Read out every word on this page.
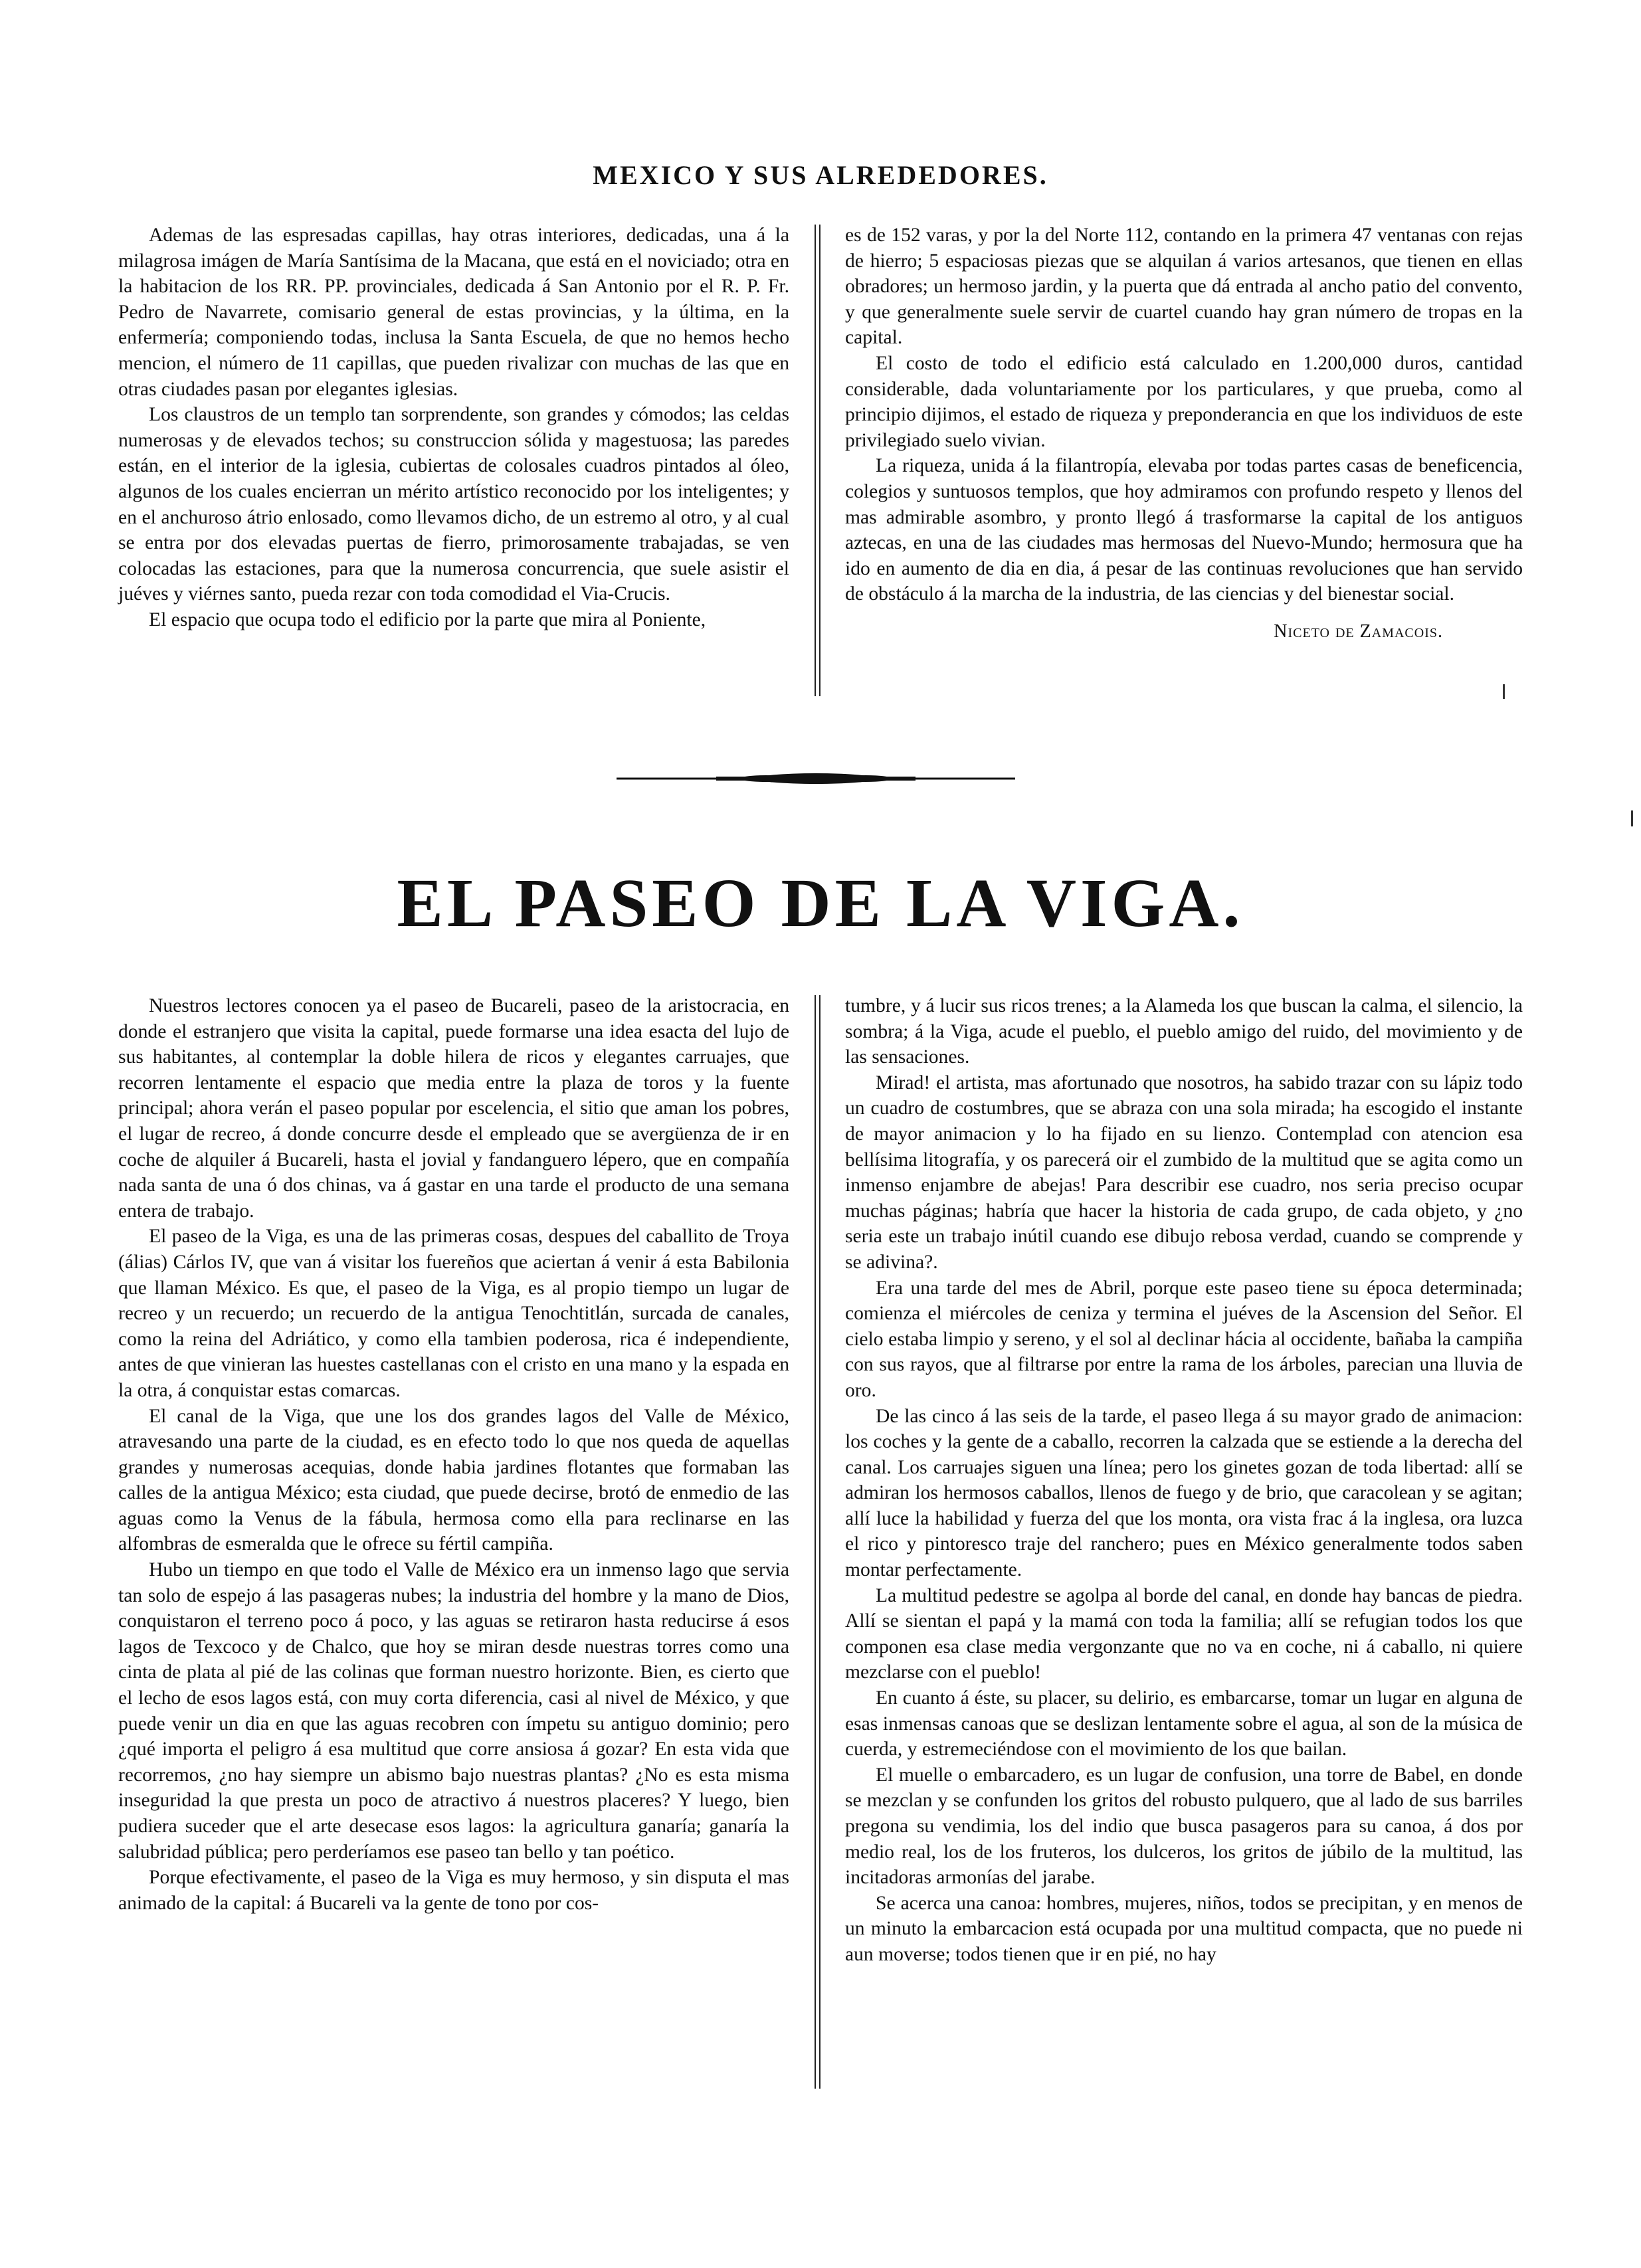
MEXICO Y SUS ALREDEDORES.

Ademas de las espresadas capillas, hay otras interiores, dedicadas, una á la milagrosa imágen de María Santísima de la Macana, que está en el noviciado; otra en la habitacion de los RR. PP. provinciales, dedicada á San Antonio por el R. P. Fr. Pedro de Navarrete, comisario general de estas provincias, y la última, en la enfermería; componiendo todas, inclusa la Santa Escuela, de que no hemos hecho mencion, el número de 11 capillas, que pueden rivalizar con muchas de las que en otras ciudades pasan por elegantes iglesias.

Los claustros de un templo tan sorprendente, son grandes y cómodos; las celdas numerosas y de elevados techos; su construccion sólida y magestuosa; las paredes están, en el interior de la iglesia, cubiertas de colosales cuadros pintados al óleo, algunos de los cuales encierran un mérito artístico reconocido por los inteligentes; y en el anchuroso átrio enlosado, como llevamos dicho, de un estremo al otro, y al cual se entra por dos elevadas puertas de fierro, primorosamente trabajadas, se ven colocadas las estaciones, para que la numerosa concurrencia, que suele asistir el juéves y viérnes santo, pueda rezar con toda comodidad el Via-Crucis.

El espacio que ocupa todo el edificio por la parte que mira al Poniente,

es de 152 varas, y por la del Norte 112, contando en la primera 47 ventanas con rejas de hierro; 5 espaciosas piezas que se alquilan á varios artesanos, que tienen en ellas obradores; un hermoso jardin, y la puerta que dá entrada al ancho patio del convento, y que generalmente suele servir de cuartel cuando hay gran número de tropas en la capital.

El costo de todo el edificio está calculado en 1.200,000 duros, cantidad considerable, dada voluntariamente por los particulares, y que prueba, como al principio dijimos, el estado de riqueza y preponderancia en que los individuos de este privilegiado suelo vivian.

La riqueza, unida á la filantropía, elevaba por todas partes casas de beneficencia, colegios y suntuosos templos, que hoy admiramos con profundo respeto y llenos del mas admirable asombro, y pronto llegó á trasformarse la capital de los antiguos aztecas, en una de las ciudades mas hermosas del Nuevo-Mundo; hermosura que ha ido en aumento de dia en dia, á pesar de las continuas revoluciones que han servido de obstáculo á la marcha de la industria, de las ciencias y del bienestar social.

Niceto de Zamacois.
EL PASEO DE LA VIGA.

Nuestros lectores conocen ya el paseo de Bucareli, paseo de la aristocracia, en donde el estranjero que visita la capital, puede formarse una idea esacta del lujo de sus habitantes, al contemplar la doble hilera de ricos y elegantes carruajes, que recorren lentamente el espacio que media entre la plaza de toros y la fuente principal; ahora verán el paseo popular por escelencia, el sitio que aman los pobres, el lugar de recreo, á donde concurre desde el empleado que se avergüenza de ir en coche de alquiler á Bucareli, hasta el jovial y fandanguero lépero, que en compañía nada santa de una ó dos chinas, va á gastar en una tarde el producto de una semana entera de trabajo.

El paseo de la Viga, es una de las primeras cosas, despues del caballito de Troya (álias) Cárlos IV, que van á visitar los fuereños que aciertan á venir á esta Babilonia que llaman México. Es que, el paseo de la Viga, es al propio tiempo un lugar de recreo y un recuerdo; un recuerdo de la antigua Tenochtitlán, surcada de canales, como la reina del Adriático, y como ella tambien poderosa, rica é independiente, antes de que vinieran las huestes castellanas con el cristo en una mano y la espada en la otra, á conquistar estas comarcas.

El canal de la Viga, que une los dos grandes lagos del Valle de México, atravesando una parte de la ciudad, es en efecto todo lo que nos queda de aquellas grandes y numerosas acequias, donde habia jardines flotantes que formaban las calles de la antigua México; esta ciudad, que puede decirse, brotó de enmedio de las aguas como la Venus de la fábula, hermosa como ella para reclinarse en las alfombras de esmeralda que le ofrece su fértil campiña.

Hubo un tiempo en que todo el Valle de México era un inmenso lago que servia tan solo de espejo á las pasageras nubes; la industria del hombre y la mano de Dios, conquistaron el terreno poco á poco, y las aguas se retiraron hasta reducirse á esos lagos de Texcoco y de Chalco, que hoy se miran desde nuestras torres como una cinta de plata al pié de las colinas que forman nuestro horizonte. Bien, es cierto que el lecho de esos lagos está, con muy corta diferencia, casi al nivel de México, y que puede venir un dia en que las aguas recobren con ímpetu su antiguo dominio; pero ¿qué importa el peligro á esa multitud que corre ansiosa á gozar? En esta vida que recorremos, ¿no hay siempre un abismo bajo nuestras plantas? ¿No es esta misma inseguridad la que presta un poco de atractivo á nuestros placeres? Y luego, bien pudiera suceder que el arte desecase esos lagos: la agricultura ganaría; ganaría la salubridad pública; pero perderíamos ese paseo tan bello y tan poético.

Porque efectivamente, el paseo de la Viga es muy hermoso, y sin disputa el mas animado de la capital: á Bucareli va la gente de tono por cos-

tumbre, y á lucir sus ricos trenes; a la Alameda los que buscan la calma, el silencio, la sombra; á la Viga, acude el pueblo, el pueblo amigo del ruido, del movimiento y de las sensaciones.

Mirad! el artista, mas afortunado que nosotros, ha sabido trazar con su lápiz todo un cuadro de costumbres, que se abraza con una sola mirada; ha escogido el instante de mayor animacion y lo ha fijado en su lienzo. Contemplad con atencion esa bellísima litografía, y os parecerá oir el zumbido de la multitud que se agita como un inmenso enjambre de abejas! Para describir ese cuadro, nos seria preciso ocupar muchas páginas; habría que hacer la historia de cada grupo, de cada objeto, y ¿no seria este un trabajo inútil cuando ese dibujo rebosa verdad, cuando se comprende y se adivina?.

Era una tarde del mes de Abril, porque este paseo tiene su época determinada; comienza el miércoles de ceniza y termina el juéves de la Ascension del Señor. El cielo estaba limpio y sereno, y el sol al declinar hácia al occidente, bañaba la campiña con sus rayos, que al filtrarse por entre la rama de los árboles, parecian una lluvia de oro.

De las cinco á las seis de la tarde, el paseo llega á su mayor grado de animacion: los coches y la gente de a caballo, recorren la calzada que se estiende a la derecha del canal. Los carruajes siguen una línea; pero los ginetes gozan de toda libertad: allí se admiran los hermosos caballos, llenos de fuego y de brio, que caracolean y se agitan; allí luce la habilidad y fuerza del que los monta, ora vista frac á la inglesa, ora luzca el rico y pintoresco traje del ranchero; pues en México generalmente todos saben montar perfectamente.

La multitud pedestre se agolpa al borde del canal, en donde hay bancas de piedra. Allí se sientan el papá y la mamá con toda la familia; allí se refugian todos los que componen esa clase media vergonzante que no va en coche, ni á caballo, ni quiere mezclarse con el pueblo!

En cuanto á éste, su placer, su delirio, es embarcarse, tomar un lugar en alguna de esas inmensas canoas que se deslizan lentamente sobre el agua, al son de la música de cuerda, y estremeciéndose con el movimiento de los que bailan.

El muelle o embarcadero, es un lugar de confusion, una torre de Babel, en donde se mezclan y se confunden los gritos del robusto pulquero, que al lado de sus barriles pregona su vendimia, los del indio que busca pasageros para su canoa, á dos por medio real, los de los fruteros, los dulceros, los gritos de júbilo de la multitud, las incitadoras armonías del jarabe.

Se acerca una canoa: hombres, mujeres, niños, todos se precipitan, y en menos de un minuto la embarcacion está ocupada por una multitud compacta, que no puede ni aun moverse; todos tienen que ir en pié, no hay
